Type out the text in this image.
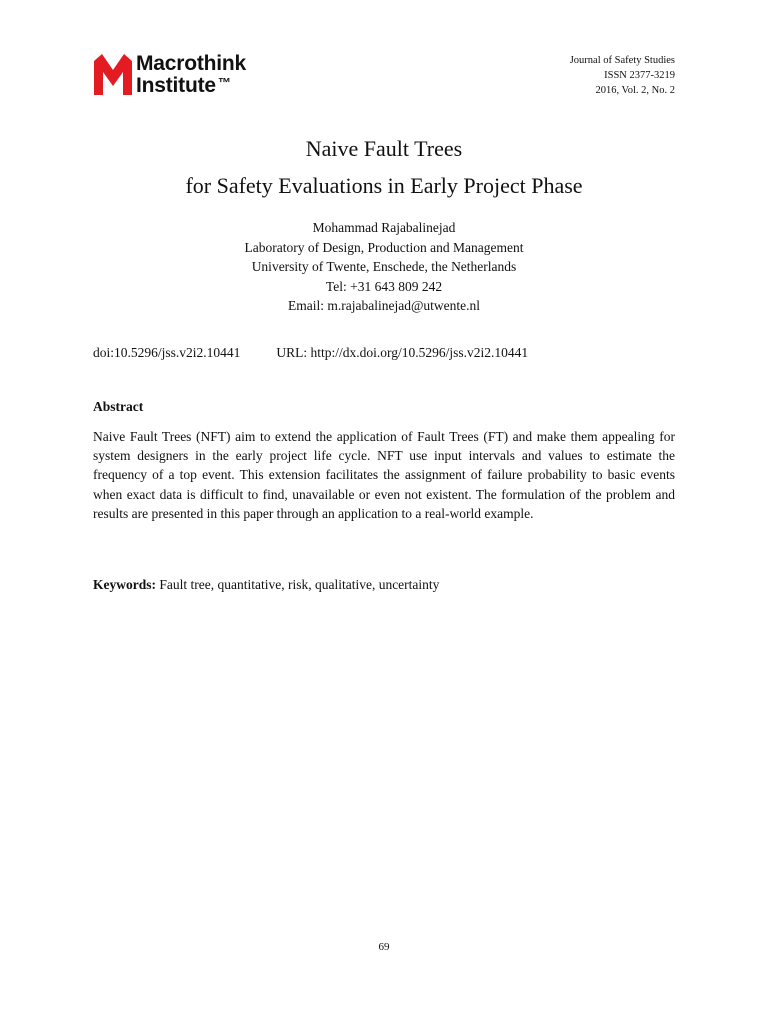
Macrothink
Institute ™
Journal of Safety Studies
ISSN 2377-3219
2016, Vol. 2, No. 2
Naive Fault Trees
for Safety Evaluations in Early Project Phase
Mohammad Rajabalinejad
Laboratory of Design, Production and Management
University of Twente, Enschede, the Netherlands
Tel: +31 643 809 242
Email: m.rajabalinejad@utwente.nl
doi:10.5296/jss.v2i2.10441	URL: http://dx.doi.org/10.5296/jss.v2i2.10441
Abstract
Naive Fault Trees (NFT) aim to extend the application of Fault Trees (FT) and make them appealing for system designers in the early project life cycle. NFT use input intervals and values to estimate the frequency of a top event. This extension facilitates the assignment of failure probability to basic events when exact data is difficult to find, unavailable or even not existent. The formulation of the problem and results are presented in this paper through an application to a real-world example.
Keywords: Fault tree, quantitative, risk, qualitative, uncertainty
69
